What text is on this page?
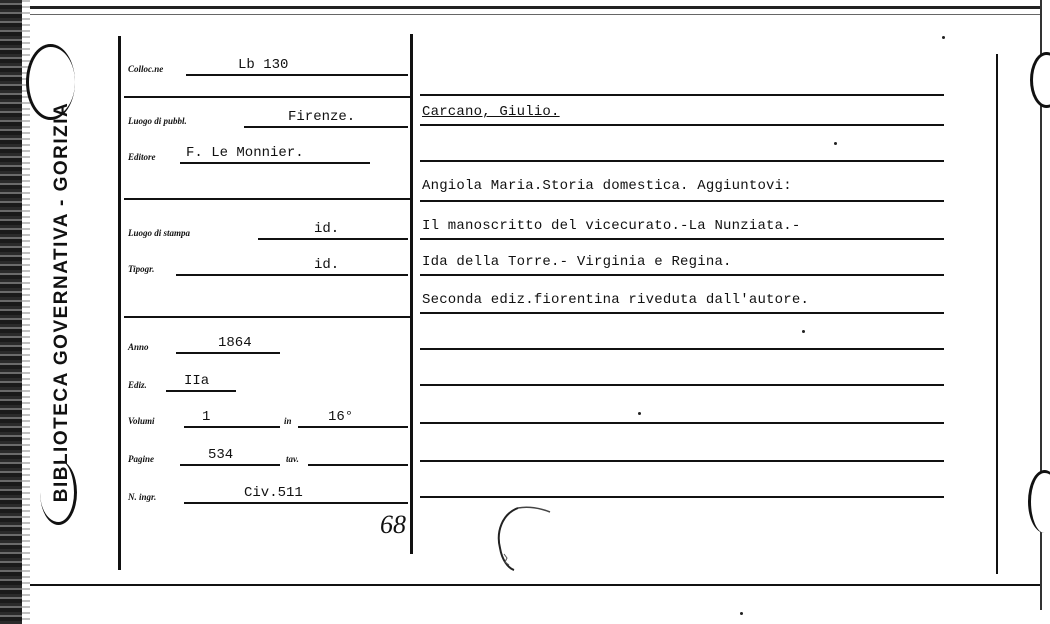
BIBLIOTECA GOVERNATIVA - GORIZIA
Colloc.ne	Lb 130
Luogo di pubbl.	Firenze.
Editore F. Le Monnier.
Luogo di stampa	id.
Tipogr.	id.
Anno	1864
Ediz.	IIa
Volumi	1	in	16°
Pagine	534	tav.
N. ingr.	Civ.511
68
Carcano, Giulio.
Angiola Maria.Storia domestica. Aggiuntovi:
Il manoscritto del vicecurato.-La Nunziata.-
Ida della Torre.- Virginia e Regina.
Seconda ediz.fiorentina riveduta dall'autore.
